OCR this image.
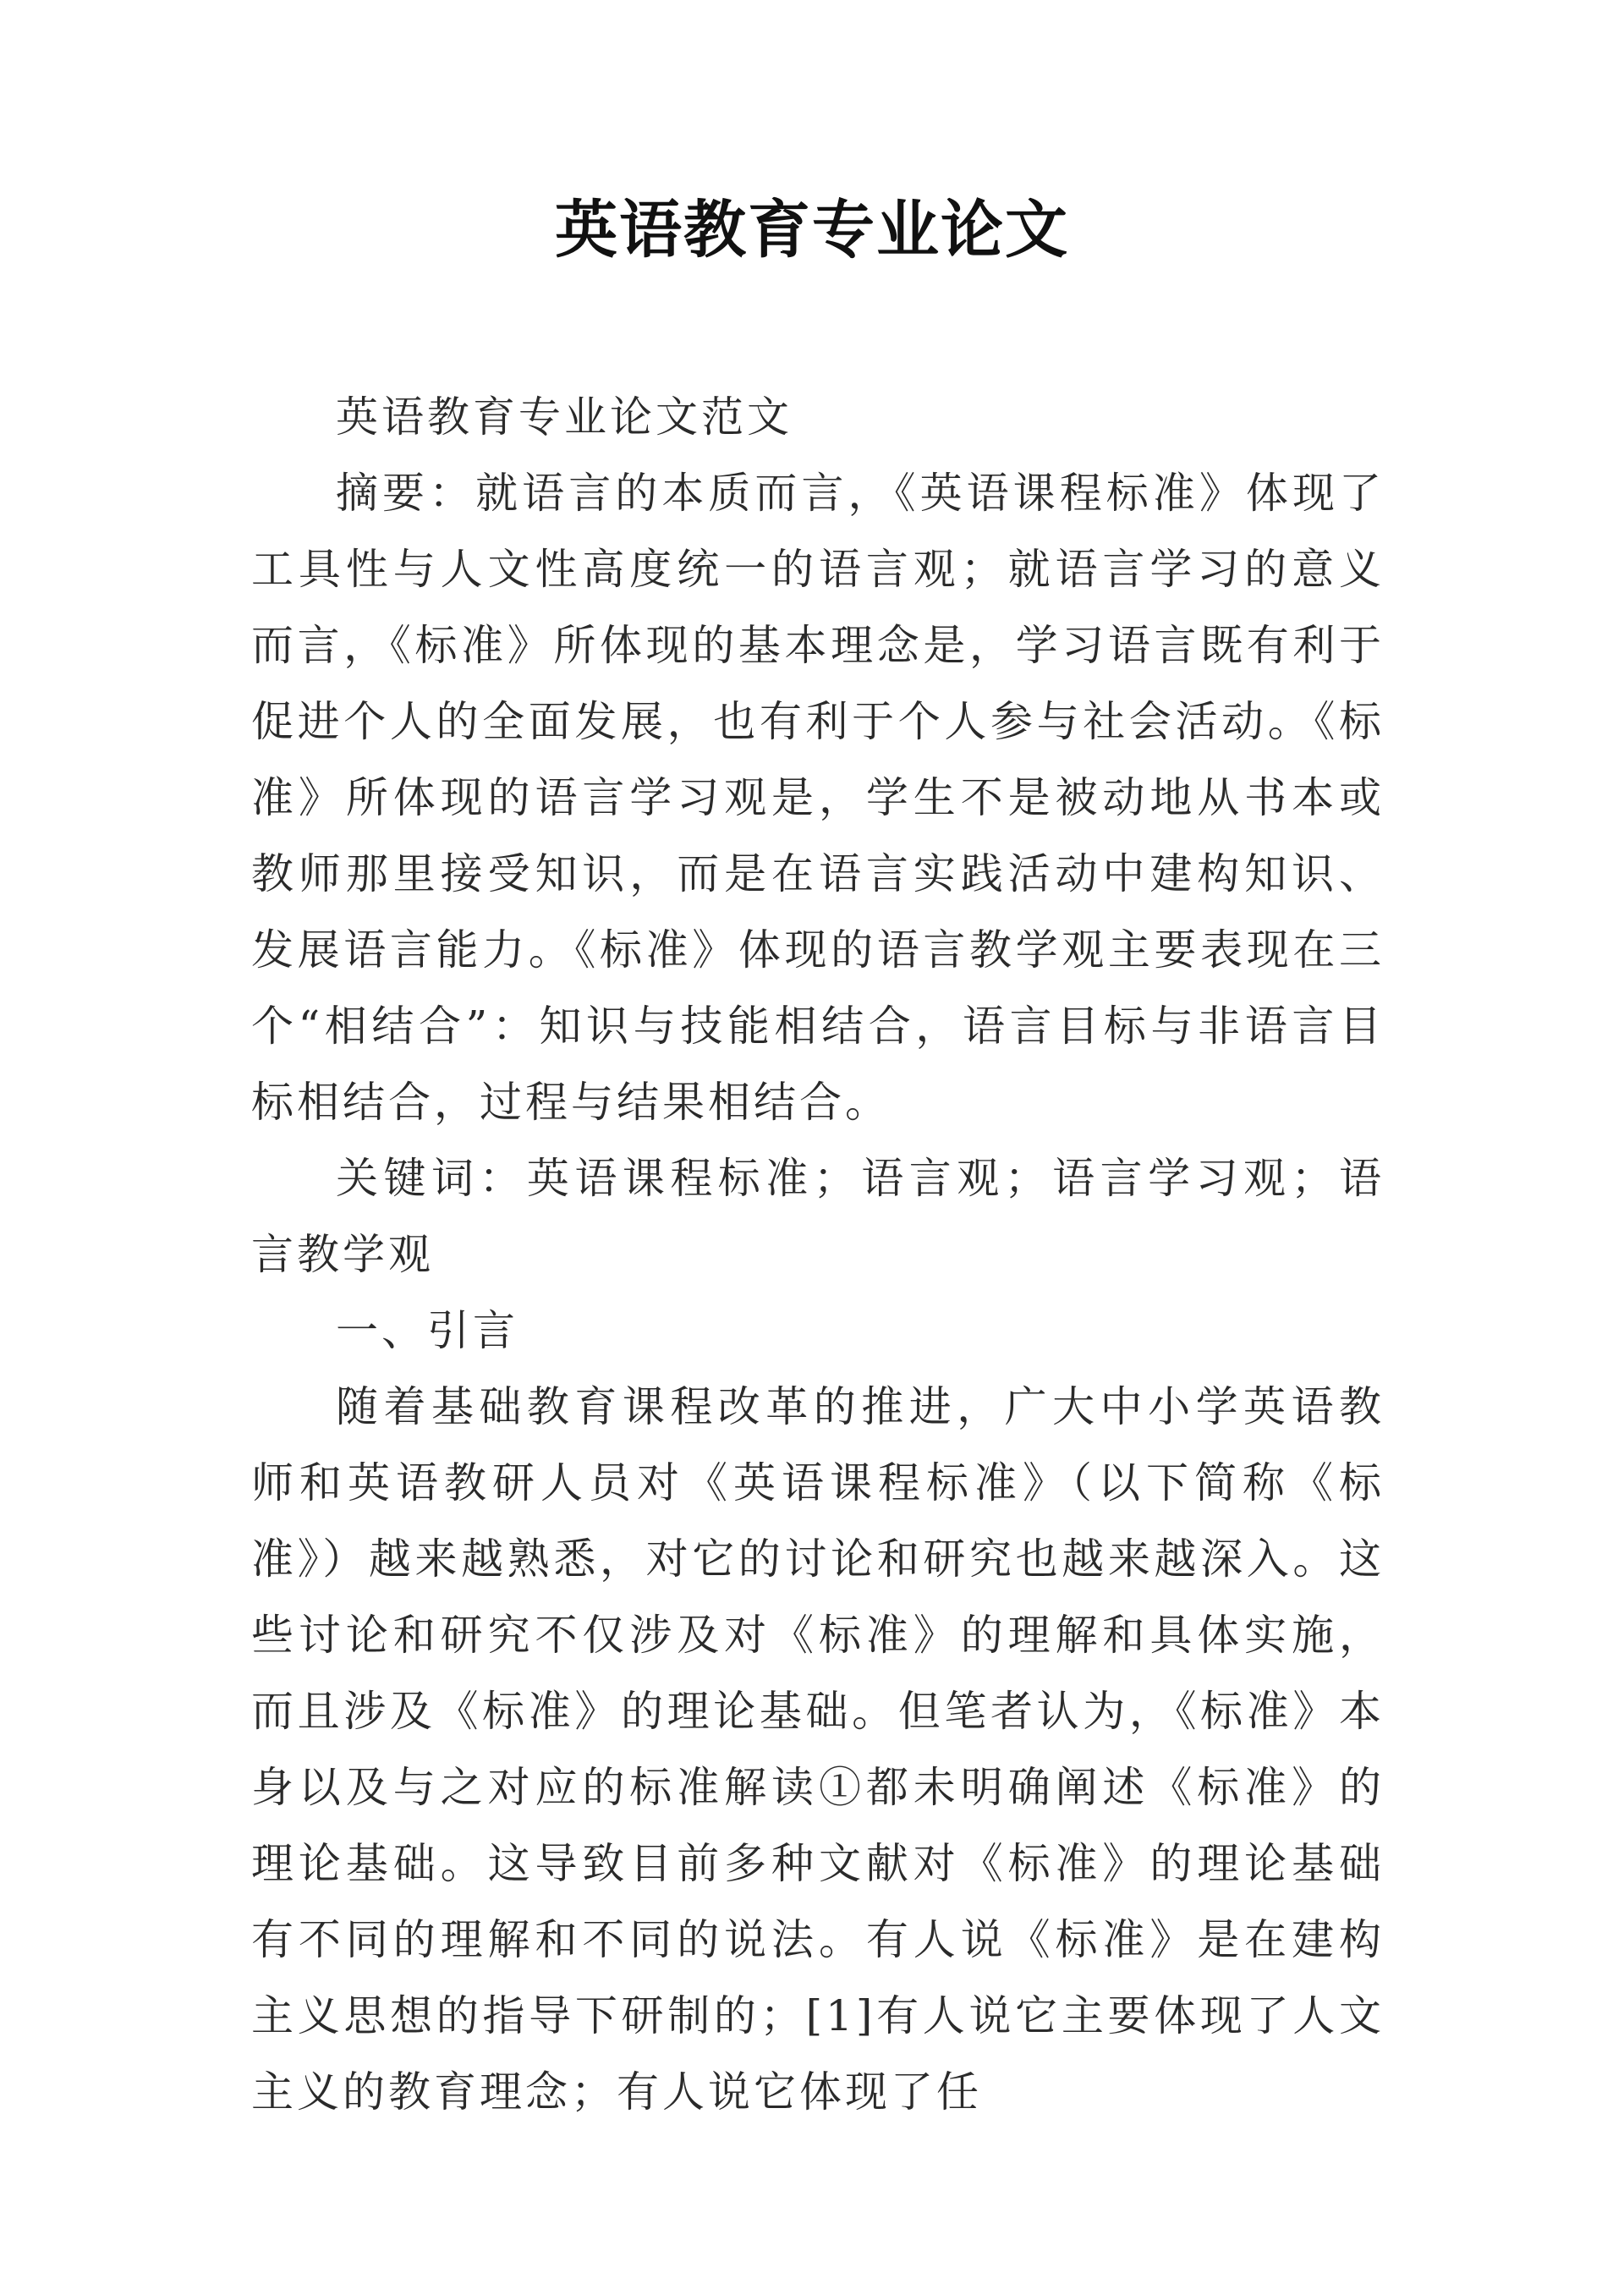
英语教育专业论文

英语教育专业论文范文

摘要：就语言的本质而言，《英语课程标准》体现了工具性与人文性高度统一的语言观；就语言学习的意义而言，《标准》所体现的基本理念是，学习语言既有利于促进个人的全面发展，也有利于个人参与社会活动。《标准》所体现的语言学习观是，学生不是被动地从书本或教师那里接受知识，而是在语言实践活动中建构知识、发展语言能力。《标准》体现的语言教学观主要表现在三个“相结合”：知识与技能相结合，语言目标与非语言目标相结合，过程与结果相结合。

关键词：英语课程标准；语言观；语言学习观；语言教学观

一、引言

随着基础教育课程改革的推进，广大中小学英语教师和英语教研人员对《英语课程标准》（以下简称《标准》）越来越熟悉，对它的讨论和研究也越来越深入。这些讨论和研究不仅涉及对《标准》的理解和具体实施，而且涉及《标准》的理论基础。但笔者认为，《标准》本身以及与之对应的标准解读①都未明确阐述《标准》的理论基础。这导致目前多种文献对《标准》的理论基础有不同的理解和不同的说法。有人说《标准》是在建构主义思想的指导下研制的；[1]有人说它主要体现了人文主义的教育理念；有人说它体现了任
